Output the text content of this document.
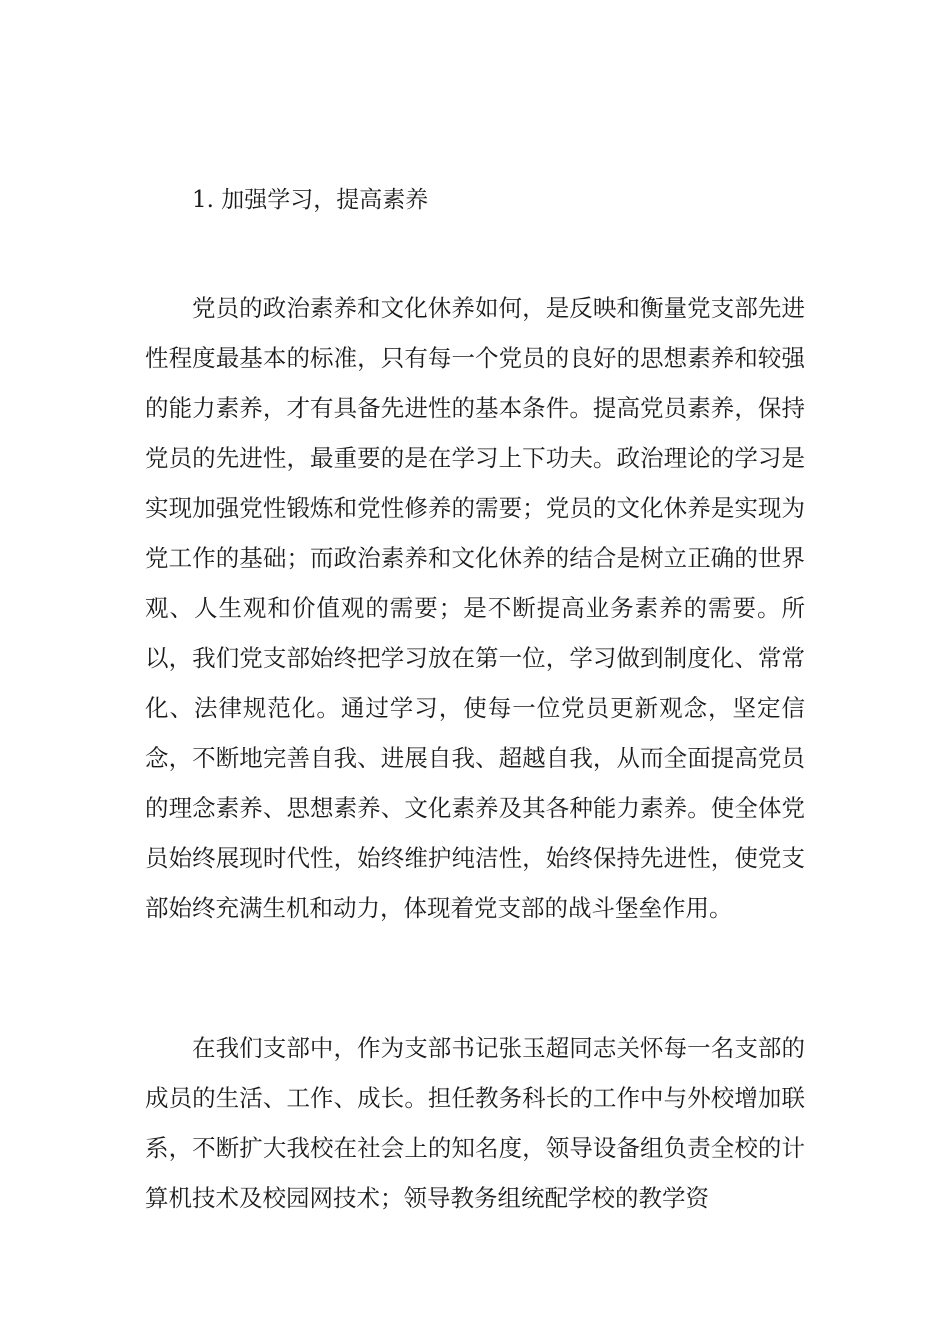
1. 加强学习，提高素养

党员的政治素养和文化休养如何，是反映和衡量党支部先进性程度最基本的标准，只有每一个党员的良好的思想素养和较强的能力素养，才有具备先进性的基本条件。提高党员素养，保持党员的先进性，最重要的是在学习上下功夫。政治理论的学习是实现加强党性锻炼和党性修养的需要；党员的文化休养是实现为党工作的基础；而政治素养和文化休养的结合是树立正确的世界观、人生观和价值观的需要；是不断提高业务素养的需要。所以，我们党支部始终把学习放在第一位，学习做到制度化、常常化、法律规范化。通过学习，使每一位党员更新观念，坚定信念，不断地完善自我、进展自我、超越自我，从而全面提高党员的理念素养、思想素养、文化素养及其各种能力素养。使全体党员始终展现时代性，始终维护纯洁性，始终保持先进性，使党支部始终充满生机和动力，体现着党支部的战斗堡垒作用。

在我们支部中，作为支部书记张玉超同志关怀每一名支部的成员的生活、工作、成长。担任教务科长的工作中与外校增加联系，不断扩大我校在社会上的知名度，领导设备组负责全校的计算机技术及校园网技术；领导教务组统配学校的教学资
